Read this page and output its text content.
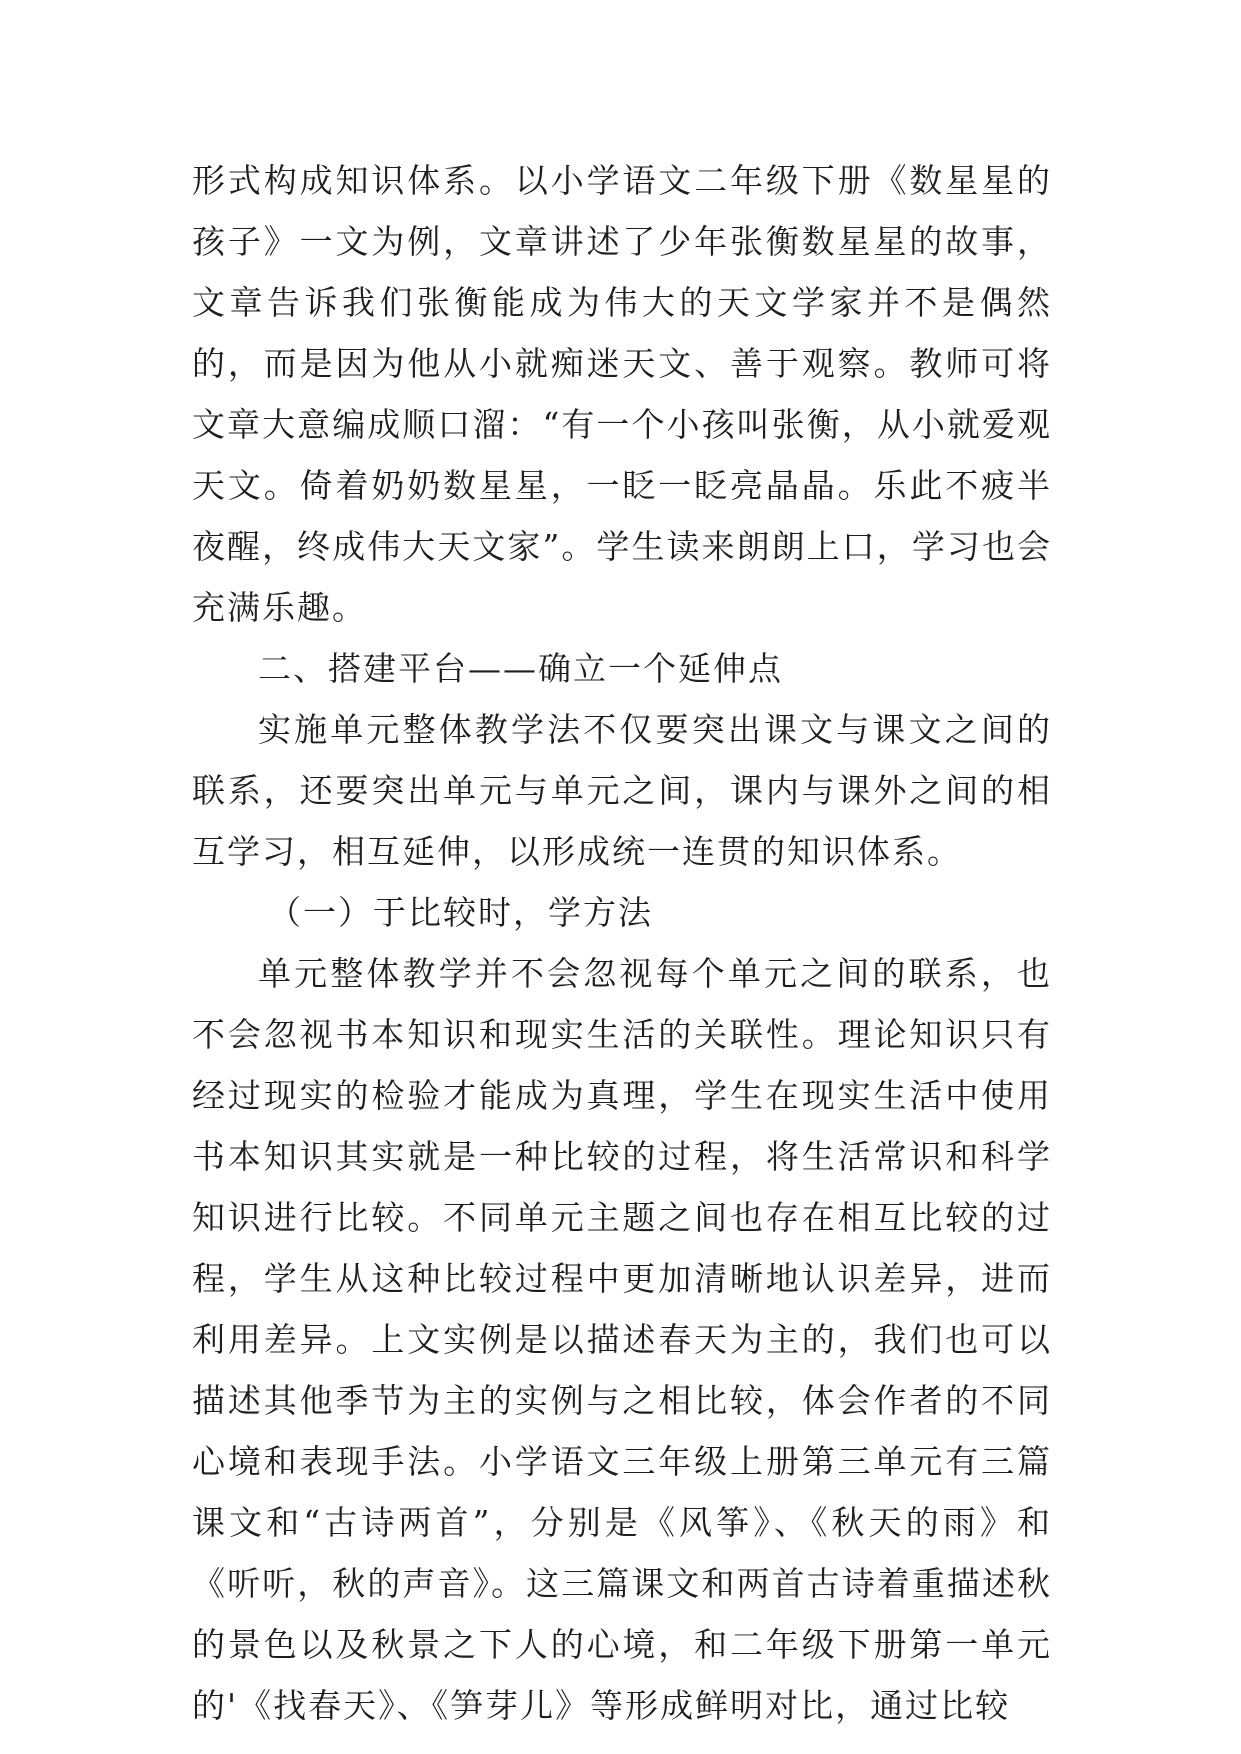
形式构成知识体系。以小学语文二年级下册《数星星的孩子》一文为例，文章讲述了少年张衡数星星的故事，文章告诉我们张衡能成为伟大的天文学家并不是偶然的，而是因为他从小就痴迷天文、善于观察。教师可将文章大意编成顺口溜：“有一个小孩叫张衡，从小就爱观天文。倚着奶奶数星星，一眨一眨亮晶晶。乐此不疲半夜醒，终成伟大天文家”。学生读来朗朗上口，学习也会充满乐趣。

二、搭建平台——确立一个延伸点

实施单元整体教学法不仅要突出课文与课文之间的联系，还要突出单元与单元之间，课内与课外之间的相互学习，相互延伸，以形成统一连贯的知识体系。

（一）于比较时，学方法

单元整体教学并不会忽视每个单元之间的联系，也不会忽视书本知识和现实生活的关联性。理论知识只有经过现实的检验才能成为真理，学生在现实生活中使用书本知识其实就是一种比较的过程，将生活常识和科学知识进行比较。不同单元主题之间也存在相互比较的过程，学生从这种比较过程中更加清晰地认识差异，进而利用差异。上文实例是以描述春天为主的，我们也可以描述其他季节为主的实例与之相比较，体会作者的不同心境和表现手法。小学语文三年级上册第三单元有三篇课文和“古诗两首”，分别是《风筝》、《秋天的雨》和《听听，秋的声音》。这三篇课文和两首古诗着重描述秋的景色以及秋景之下人的心境，和二年级下册第一单元的'《找春天》、《笋芽儿》等形成鲜明对比，通过比较
